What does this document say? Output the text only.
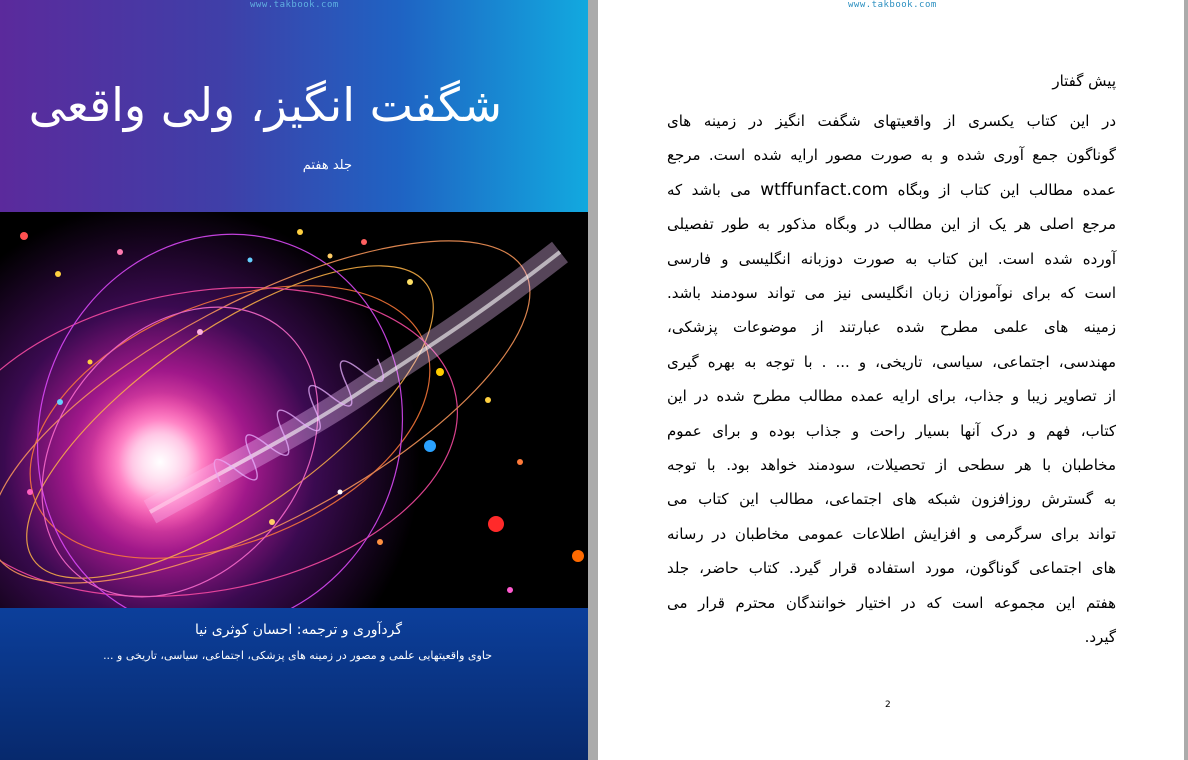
www.takbook.com
شگفت انگیز، ولی واقعی
جلد هفتم
گردآوری و ترجمه: احسان کوثری نیا
حاوی واقعیتهایی علمی و مصور در زمینه های پزشکی، اجتماعی، سیاسی، تاریخی و ...
www.takbook.com
پیش گفتار
در این کتاب یکسری از واقعیتهای شگفت انگیز در زمینه های
گوناگون جمع آوری شده و به صورت مصور ارایه شده است. مرجع
عمده مطالب این کتاب از وبگاه wtffunfact.com می باشد که
مرجع اصلی هر یک از این مطالب در وبگاه مذکور به طور تفصیلی
آورده شده است. این کتاب به صورت دوزبانه انگلیسی و فارسی
است که برای نوآموزان زبان انگلیسی نیز می تواند سودمند باشد.
زمینه های علمی مطرح شده عبارتند از موضوعات پزشکی،
مهندسی، اجتماعی، سیاسی، تاریخی، و ... . با توجه به بهره گیری
از تصاویر زیبا و جذاب، برای ارایه عمده مطالب مطرح شده در این
کتاب، فهم و درک آنها بسیار راحت و جذاب بوده و برای عموم
مخاطبان با هر سطحی از تحصیلات، سودمند خواهد بود. با توجه
به گسترش روزافزون شبکه های اجتماعی، مطالب این کتاب می
تواند برای سرگرمی و افزایش اطلاعات عمومی مخاطبان در رسانه
های اجتماعی گوناگون، مورد استفاده قرار گیرد. کتاب حاضر، جلد
هفتم این مجموعه است که در اختیار خوانندگان محترم قرار می
گیرد.
2
